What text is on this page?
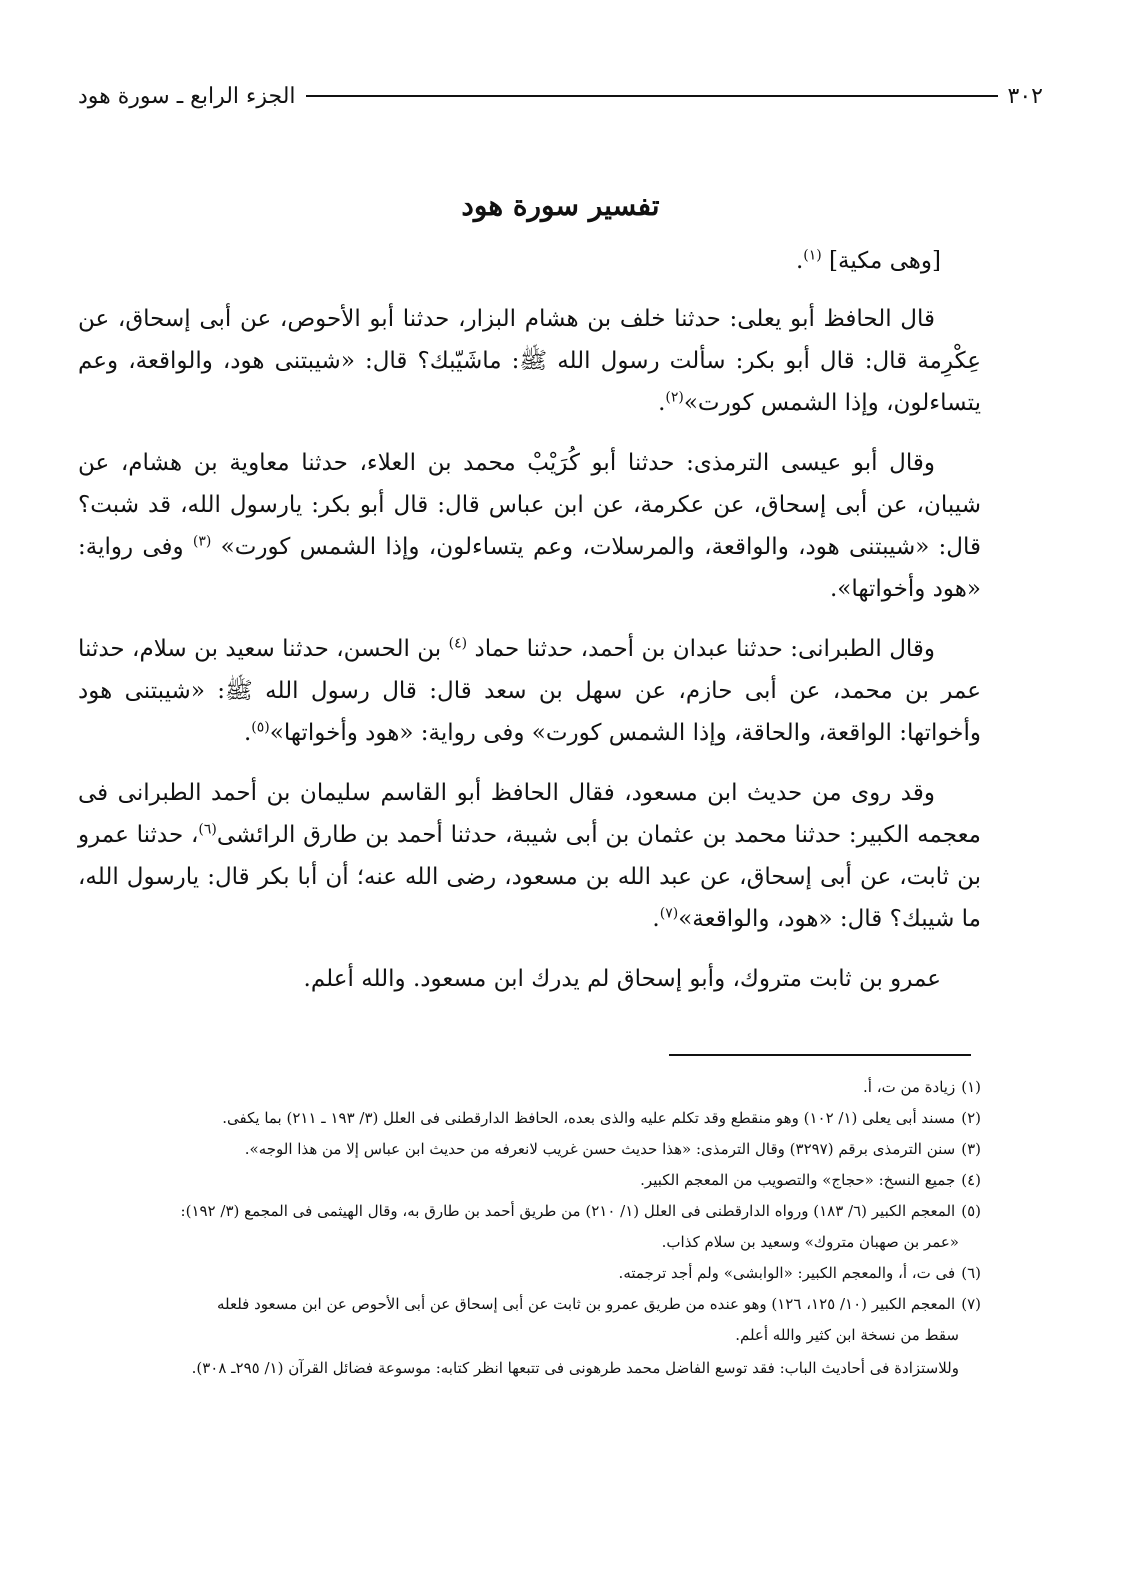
٣٠٢
الجزء الرابع ـ سورة هود
تفسير سورة هود

[وهى مكية] $^{(١)}$.

قال الحافظ أبو يعلى: حدثنا خلف بن هشام البزار، حدثنا أبو الأحوص، عن أبى إسحاق، عن عِكْرِمة قال: قال أبو بكر: سألت رسول الله ﷺ: ماشَيّبك؟ قال: «شيبتنى هود، والواقعة، وعم يتساءلون، وإذا الشمس كورت»$^{(٢)}$.

وقال أبو عيسى الترمذى: حدثنا أبو كُرَيْبْ محمد بن العلاء، حدثنا معاوية بن هشام، عن شيبان، عن أبى إسحاق، عن عكرمة، عن ابن عباس قال: قال أبو بكر: يارسول الله، قد شبت؟ قال: «شيبتنى هود، والواقعة، والمرسلات، وعم يتساءلون، وإذا الشمس كورت» $^{(٣)}$ وفى رواية: «هود وأخواتها».

وقال الطبرانى: حدثنا عبدان بن أحمد، حدثنا حماد $^{(٤)}$ بن الحسن، حدثنا سعيد بن سلام، حدثنا عمر بن محمد، عن أبى حازم، عن سهل بن سعد قال: قال رسول الله ﷺ: «شيبتنى هود وأخواتها: الواقعة، والحاقة، وإذا الشمس كورت» وفى رواية: «هود وأخواتها»$^{(٥)}$.

وقد روى من حديث ابن مسعود، فقال الحافظ أبو القاسم سليمان بن أحمد الطبرانى فى معجمه الكبير: حدثنا محمد بن عثمان بن أبى شيبة، حدثنا أحمد بن طارق الرائشى$^{(٦)}$، حدثنا عمرو بن ثابت، عن أبى إسحاق، عن عبد الله بن مسعود، رضى الله عنه؛ أن أبا بكر قال: يارسول الله، ما شيبك؟ قال: «هود، والواقعة»$^{(٧)}$.

عمرو بن ثابت متروك، وأبو إسحاق لم يدرك ابن مسعود. والله أعلم.

(١)زيادة من ت، أ.

(٢)مسند أبى يعلى (١/ ١٠٢) وهو منقطع وقد تكلم عليه والذى بعده، الحافظ الدارقطنى فى العلل (٣/ ١٩٣ ـ ٢١١) بما يكفى.

(٣)سنن الترمذى برقم (٣٢٩٧) وقال الترمذى: «هذا حديث حسن غريب لانعرفه من حديث ابن عباس إلا من هذا الوجه».

(٤)جميع النسخ: «حجاج» والتصويب من المعجم الكبير.

(٥)المعجم الكبير (٦/ ١٨٣) ورواه الدارقطنى فى العلل (١/ ٢١٠) من طريق أحمد بن طارق به، وقال الهيثمى فى المجمع (٣/ ١٩٢):

«عمر بن صهبان متروك» وسعيد بن سلام كذاب.

(٦)فى ت، أ، والمعجم الكبير: «الوابشى» ولم أجد ترجمته.

(٧)المعجم الكبير (١٠/ ١٢٥، ١٢٦) وهو عنده من طريق عمرو بن ثابت عن أبى إسحاق عن أبى الأحوص عن ابن مسعود فلعله

سقط من نسخة ابن كثير والله أعلم.

وللاستزادة فى أحاديث الباب: فقد توسع الفاضل محمد طرهونى فى تتبعها انظر كتابه: موسوعة فضائل القرآن (١/ ٢٩٥ـ ٣٠٨).
